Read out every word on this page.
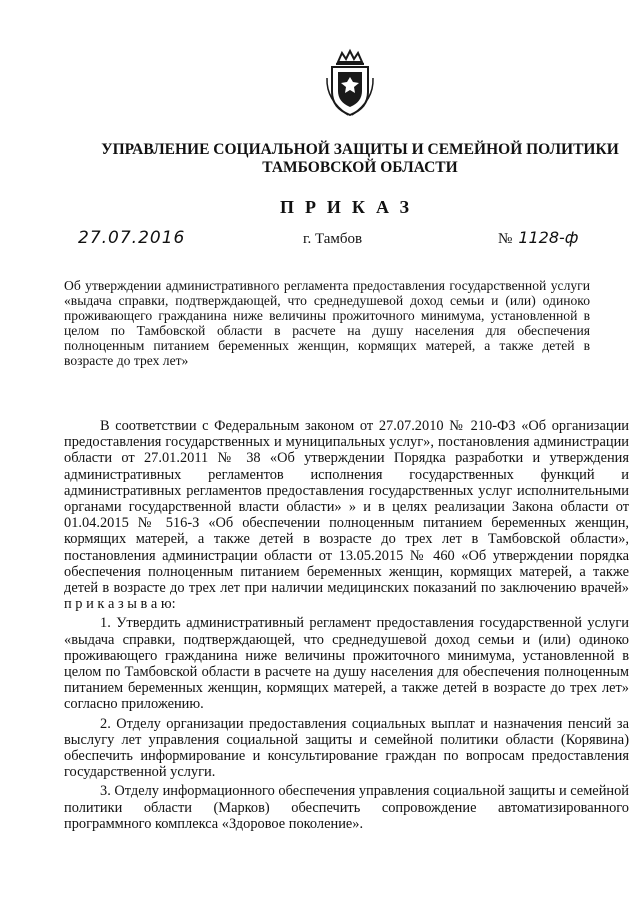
УПРАВЛЕНИЕ СОЦИАЛЬНОЙ ЗАЩИТЫ И СЕМЕЙНОЙ ПОЛИТИКИ
ТАМБОВСКОЙ ОБЛАСТИ
ПРИКАЗ
27.07.2016	г. Тамбов	№ 1128-ф
Об утверждении административного регламента предоставления государственной услуги «выдача справки, подтверждающей, что среднедушевой доход семьи и (или) одиноко проживающего гражданина ниже величины прожиточного минимума, установленной в целом по Тамбовской области в расчете на душу населения для обеспечения полноценным питанием беременных женщин, кормящих матерей, а также детей в возрасте до трех лет»

В соответствии с Федеральным законом от 27.07.2010 № 210-ФЗ «Об организации предоставления государственных и муниципальных услуг», постановления администрации области от 27.01.2011 № 38 «Об утверждении Порядка разработки и утверждения административных регламентов исполнения государственных функций и административных регламентов предоставления государственных услуг исполнительными органами государственной власти области» » и в целях реализации Закона области от 01.04.2015 № 516-З «Об обеспечении полноценным питанием беременных женщин, кормящих матерей, а также детей в возрасте до трех лет в Тамбовской области», постановления администрации области от 13.05.2015 № 460 «Об утверждении порядка обеспечения полноценным питанием беременных женщин, кормящих матерей, а также детей в возрасте до трех лет при наличии медицинских показаний по заключению врачей» п р и к а з ы в а ю:

1. Утвердить административный регламент предоставления государственной услуги «выдача справки, подтверждающей, что среднедушевой доход семьи и (или) одиноко проживающего гражданина ниже величины прожиточного минимума, установленной в целом по Тамбовской области в расчете на душу населения для обеспечения полноценным питанием беременных женщин, кормящих матерей, а также детей в возрасте до трех лет» согласно приложению.

2. Отделу организации предоставления социальных выплат и назначения пенсий за выслугу лет управления социальной защиты и семейной политики области (Корявина) обеспечить информирование и консультирование граждан по вопросам предоставления государственной услуги.

3. Отделу информационного обеспечения управления социальной защиты и семейной политики области (Марков) обеспечить сопровождение автоматизированного программного комплекса «Здоровое поколение».
